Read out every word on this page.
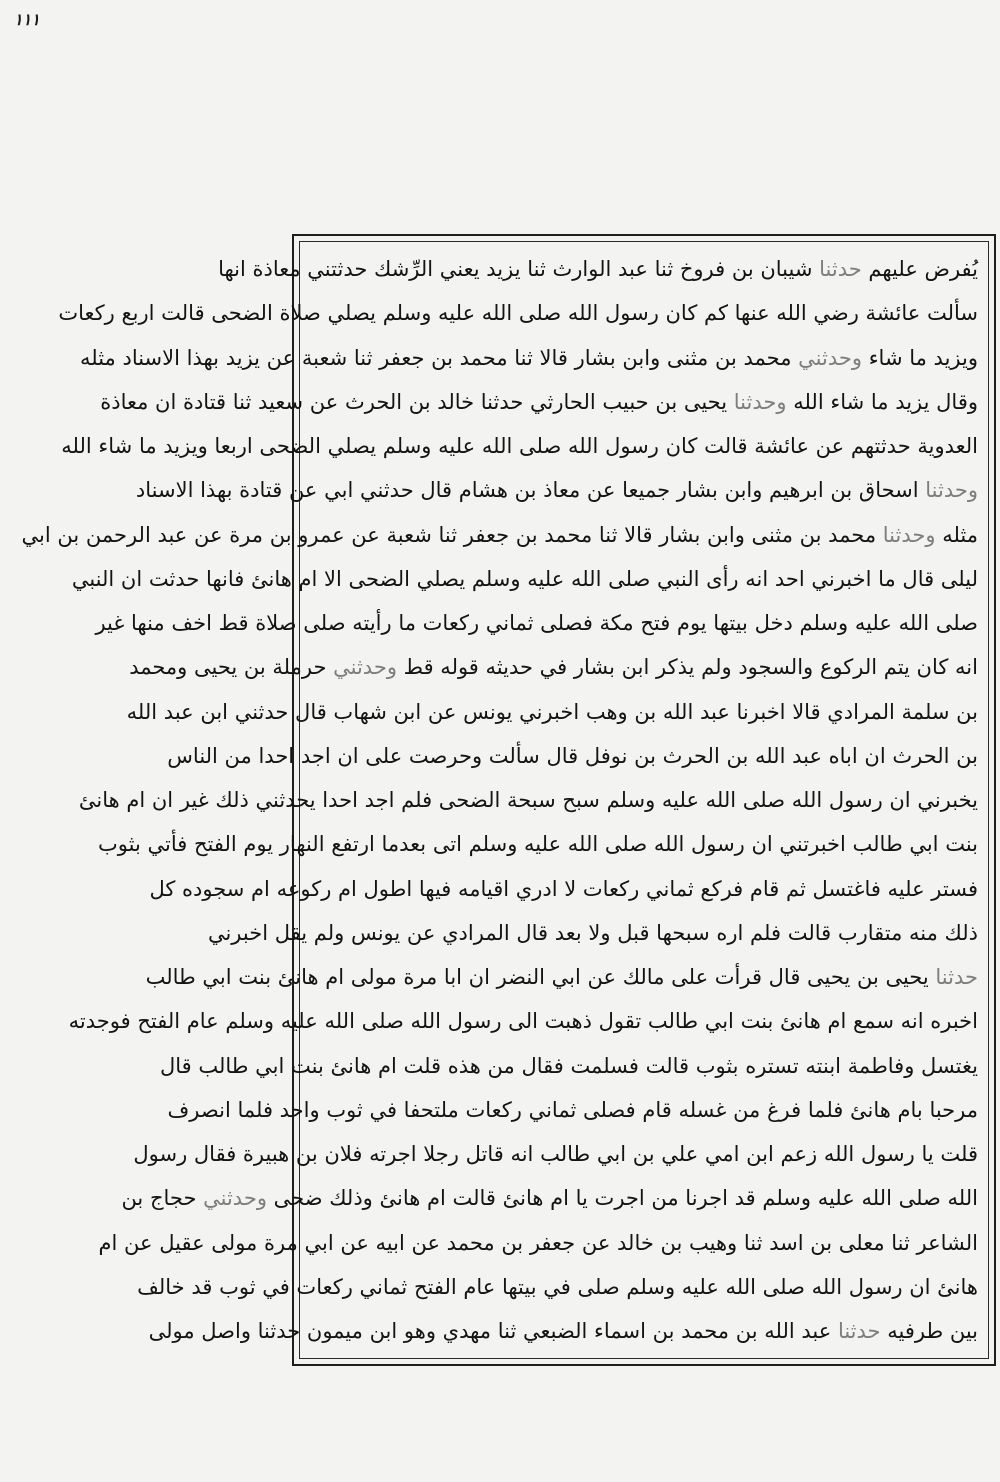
١١١
يُفرض عليهم حدثنا شيبان بن فروخ ثنا عبد الوارث ثنا يزيد يعني الرِّشك حدثتني معاذة انها
سألت عائشة رضي الله عنها كم كان رسول الله صلى الله عليه وسلم يصلي صلاة الضحى قالت اربع ركعات
ويزيد ما شاء وحدثني محمد بن مثنى وابن بشار قالا ثنا محمد بن جعفر ثنا شعبة عن يزيد بهذا الاسناد مثله
وقال يزيد ما شاء الله وحدثنا يحيى بن حبيب الحارثي حدثنا خالد بن الحرث عن سعيد ثنا قتادة ان معاذة
العدوية حدثتهم عن عائشة قالت كان رسول الله صلى الله عليه وسلم يصلي الضحى اربعا ويزيد ما شاء الله
وحدثنا اسحاق بن ابرهيم وابن بشار جميعا عن معاذ بن هشام قال حدثني ابي عن قتادة بهذا الاسناد
مثله وحدثنا محمد بن مثنى وابن بشار قالا ثنا محمد بن جعفر ثنا شعبة عن عمرو بن مرة عن عبد الرحمن بن ابي
ليلى قال ما اخبرني احد انه رأى النبي صلى الله عليه وسلم يصلي الضحى الا ام هانئ فانها حدثت ان النبي
صلى الله عليه وسلم دخل بيتها يوم فتح مكة فصلى ثماني ركعات ما رأيته صلى صلاة قط اخف منها غير
انه كان يتم الركوع والسجود ولم يذكر ابن بشار في حديثه قوله قط وحدثني حرملة بن يحيى ومحمد
بن سلمة المرادي قالا اخبرنا عبد الله بن وهب اخبرني يونس عن ابن شهاب قال حدثني ابن عبد الله
بن الحرث ان اباه عبد الله بن الحرث بن نوفل قال سألت وحرصت على ان اجد احدا من الناس
يخبرني ان رسول الله صلى الله عليه وسلم سبح سبحة الضحى فلم اجد احدا يحدثني ذلك غير ان ام هانئ
بنت ابي طالب اخبرتني ان رسول الله صلى الله عليه وسلم اتى بعدما ارتفع النهار يوم الفتح فأتي بثوب
فستر عليه فاغتسل ثم قام فركع ثماني ركعات لا ادري اقيامه فيها اطول ام ركوعه ام سجوده كل
ذلك منه متقارب قالت فلم اره سبحها قبل ولا بعد قال المرادي عن يونس ولم يقل اخبرني
حدثنا يحيى بن يحيى قال قرأت على مالك عن ابي النضر ان ابا مرة مولى ام هانئ بنت ابي طالب
اخبره انه سمع ام هانئ بنت ابي طالب تقول ذهبت الى رسول الله صلى الله عليه وسلم عام الفتح فوجدته
يغتسل وفاطمة ابنته تستره بثوب قالت فسلمت فقال من هذه قلت ام هانئ بنت ابي طالب قال
مرحبا بام هانئ فلما فرغ من غسله قام فصلى ثماني ركعات ملتحفا في ثوب واحد فلما انصرف
قلت يا رسول الله زعم ابن امي علي بن ابي طالب انه قاتل رجلا اجرته فلان بن هبيرة فقال رسول
الله صلى الله عليه وسلم قد اجرنا من اجرت يا ام هانئ قالت ام هانئ وذلك ضحى وحدثني حجاج بن
الشاعر ثنا معلى بن اسد ثنا وهيب بن خالد عن جعفر بن محمد عن ابيه عن ابي مرة مولى عقيل عن ام
هانئ ان رسول الله صلى الله عليه وسلم صلى في بيتها عام الفتح ثماني ركعات في ثوب قد خالف
بين طرفيه حدثنا عبد الله بن محمد بن اسماء الضبعي ثنا مهدي وهو ابن ميمون حدثنا واصل مولى
